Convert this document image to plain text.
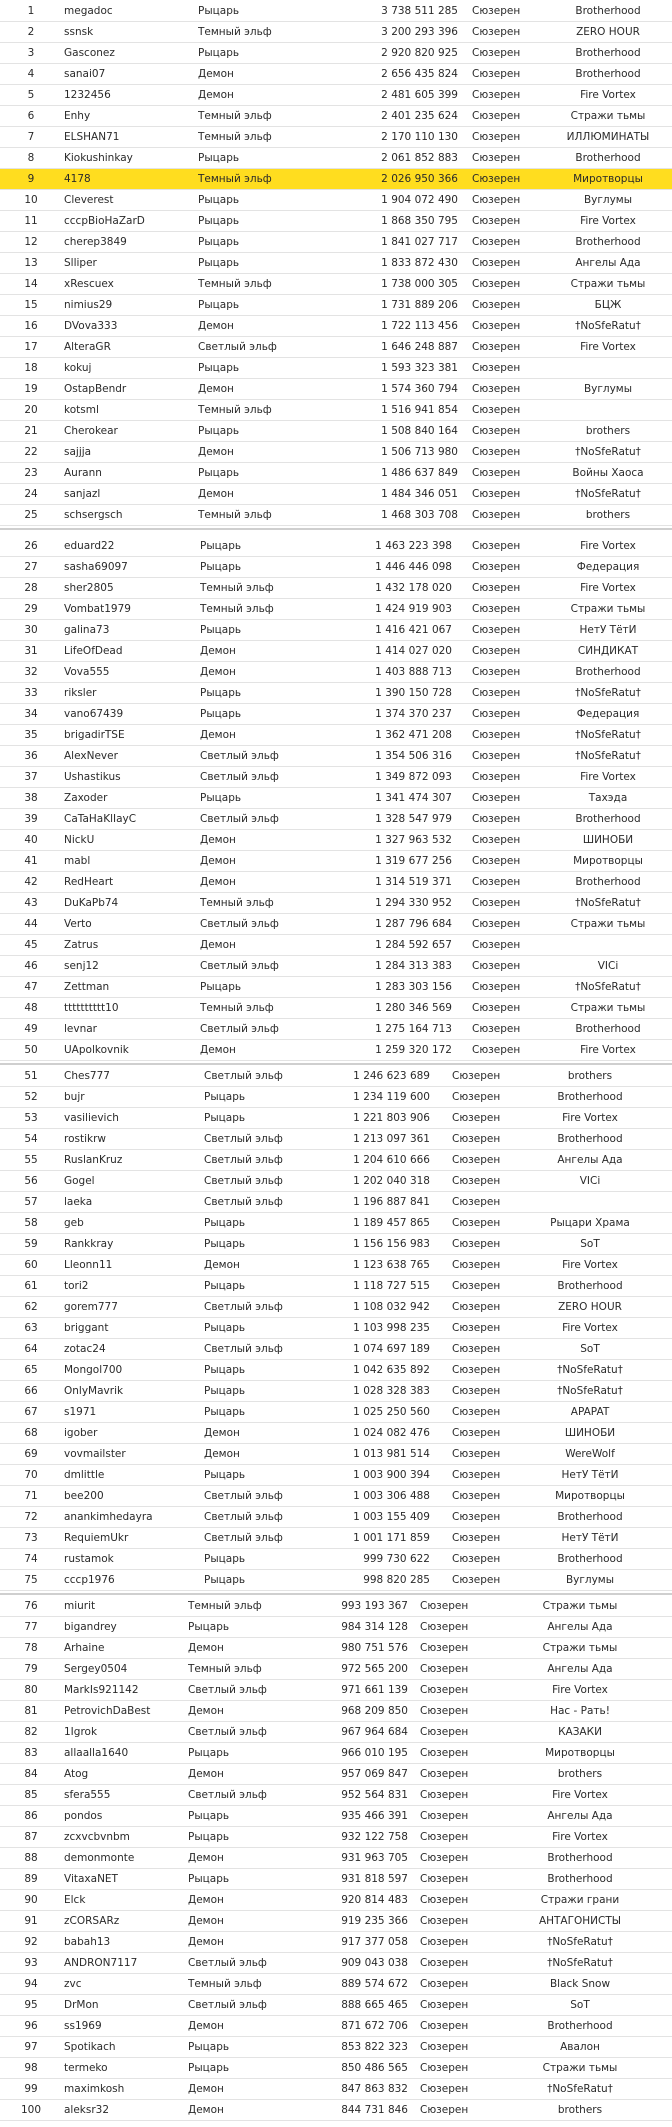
1	megadoc	Рыцарь	3 738 511 285 Сюзерен	Brotherhood
2	ssnsk	Темный эльф	3 200 293 396 Сюзерен	ZERO HOUR
3	Gasconez	Рыцарь	2 920 820 925 Сюзерен	Brotherhood
4	sanai07	Демон	2 656 435 824 Сюзерен	Brotherhood
5	1232456	Демон	2 481 605 399 Сюзерен	Fire Vortex
6	Enhy	Темный эльф	2 401 235 624 Сюзерен	Стражи тьмы
7	ELSHAN71	Темный эльф	2 170 110 130 Сюзерен	ИЛЛЮМИНАТЫ
8	Kiokushinkay	Рыцарь	2 061 852 883 Сюзерен	Brotherhood
9	4178	Темный эльф	2 026 950 366 Сюзерен	Миротворцы
10	Cleverest	Рыцарь	1 904 072 490 Сюзерен	Вуглумы
11	cccpBioHaZarD	Рыцарь	1 868 350 795 Сюзерен	Fire Vortex
12	cherep3849	Рыцарь	1 841 027 717 Сюзерен	Brotherhood
13	Slliper	Рыцарь	1 833 872 430 Сюзерен	Ангелы Ада
14	xRescuex	Темный эльф	1 738 000 305 Сюзерен	Стражи тьмы
15	nimius29	Рыцарь	1 731 889 206 Сюзерен	БЦЖ
16	DVova333	Демон	1 722 113 456 Сюзерен	†NoSfeRatu†
17	AlteraGR	Светлый эльф	1 646 248 887 Сюзерен	Fire Vortex
18	kokuj	Рыцарь	1 593 323 381 Сюзерен
19	OstapBendr	Демон	1 574 360 794 Сюзерен	Вуглумы
20	kotsml	Темный эльф	1 516 941 854 Сюзерен
21	Cherokear	Рыцарь	1 508 840 164 Сюзерен	brothers
22	sajjja	Демон	1 506 713 980 Сюзерен	†NoSfeRatu†
23	Aurann	Рыцарь	1 486 637 849 Сюзерен	Войны Хаоса
24	sanjazl	Демон	1 484 346 051 Сюзерен	†NoSfeRatu†
25	schsergsch	Темный эльф	1 468 303 708 Сюзерен	brothers
26	eduard22	Рыцарь	1 463 223 398 Сюзерен	Fire Vortex
27	sasha69097	Рыцарь	1 446 446 098 Сюзерен	Федерация
28	sher2805	Темный эльф	1 432 178 020 Сюзерен	Fire Vortex
29	Vombat1979	Темный эльф	1 424 919 903 Сюзерен	Стражи тьмы
30	galina73	Рыцарь	1 416 421 067 Сюзерен	НетУ ТётИ
31	LifeOfDead	Демон	1 414 027 020 Сюзерен	СИНДИКАТ
32	Vova555	Демон	1 403 888 713 Сюзерен	Brotherhood
33	riksler	Рыцарь	1 390 150 728 Сюзерен	†NoSfeRatu†
34	vano67439	Рыцарь	1 374 370 237 Сюзерен	Федерация
35	brigadirTSE	Демон	1 362 471 208 Сюзерен	†NoSfeRatu†
36	AlexNever	Светлый эльф	1 354 506 316 Сюзерен	†NoSfeRatu†
37	Ushastikus	Светлый эльф	1 349 872 093 Сюзерен	Fire Vortex
38	Zaxoder	Рыцарь	1 341 474 307 Сюзерен	Тахэда
39	CaTaHaKlIayC	Светлый эльф	1 328 547 979 Сюзерен	Brotherhood
40	NickU	Демон	1 327 963 532 Сюзерен	ШИНОБИ
41	mabl	Демон	1 319 677 256 Сюзерен	Миротворцы
42	RedHeart	Демон	1 314 519 371 Сюзерен	Brotherhood
43	DuKaPb74	Темный эльф	1 294 330 952 Сюзерен	†NoSfeRatu†
44	Verto	Светлый эльф	1 287 796 684 Сюзерен	Стражи тьмы
45	Zatrus	Демон	1 284 592 657 Сюзерен
46	senj12	Светлый эльф	1 284 313 383 Сюзерен	VICi
47	Zettman	Рыцарь	1 283 303 156 Сюзерен	†NoSfeRatu†
48	tttttttttt10	Темный эльф	1 280 346 569 Сюзерен	Стражи тьмы
49	levnar	Светлый эльф	1 275 164 713 Сюзерен	Brotherhood
50	UApolkovnik	Демон	1 259 320 172 Сюзерен	Fire Vortex
51	Ches777	Светлый эльф	1 246 623 689 Сюзерен	brothers
52	bujr	Рыцарь	1 234 119 600 Сюзерен	Brotherhood
53	vasilievich	Рыцарь	1 221 803 906 Сюзерен	Fire Vortex
54	rostikrw	Светлый эльф	1 213 097 361 Сюзерен	Brotherhood
55	RuslanKruz	Светлый эльф	1 204 610 666 Сюзерен	Ангелы Ада
56	Gogel	Светлый эльф	1 202 040 318 Сюзерен	VICi
57	laeka	Светлый эльф	1 196 887 841 Сюзерен
58	geb	Рыцарь	1 189 457 865 Сюзерен	Рыцари Храма
59	Rankkray	Рыцарь	1 156 156 983 Сюзерен	SoT
60	Lleonn11	Демон	1 123 638 765 Сюзерен	Fire Vortex
61	tori2	Рыцарь	1 118 727 515 Сюзерен	Brotherhood
62	gorem777	Светлый эльф	1 108 032 942 Сюзерен	ZERO HOUR
63	briggant	Рыцарь	1 103 998 235 Сюзерен	Fire Vortex
64	zotac24	Светлый эльф	1 074 697 189 Сюзерен	SoT
65	Mongol700	Рыцарь	1 042 635 892 Сюзерен	†NoSfeRatu†
66	OnlyMavrik	Рыцарь	1 028 328 383 Сюзерен	†NoSfeRatu†
67	s1971	Рыцарь	1 025 250 560 Сюзерен	APAPAT
68	igober	Демон	1 024 082 476 Сюзерен	ШИНОБИ
69	vovmailster	Демон	1 013 981 514 Сюзерен	WereWolf
70	dmlittle	Рыцарь	1 003 900 394 Сюзерен	НетУ ТётИ
71	bee200	Светлый эльф	1 003 306 488 Сюзерен	Миротворцы
72	anankimhedayra	Светлый эльф	1 003 155 409 Сюзерен	Brotherhood
73	RequiemUkr	Светлый эльф	1 001 171 859 Сюзерен	НетУ ТётИ
74	rustamok	Рыцарь	999 730 622 Сюзерен	Brotherhood
75	cccp1976	Рыцарь	998 820 285 Сюзерен	Вуглумы
76	miurit	Темный эльф	993 193 367 Сюзерен	Стражи тьмы
77	bigandrey	Рыцарь	984 314 128 Сюзерен	Ангелы Ада
78	Arhaine	Демон	980 751 576 Сюзерен	Стражи тьмы
79	Sergey0504	Темный эльф	972 565 200 Сюзерен	Ангелы Ада
80	MarkIs921142	Светлый эльф	971 661 139 Сюзерен	Fire Vortex
81	PetrovichDaBest	Демон	968 209 850 Сюзерен	Нас - Рать!
82	1Igrok	Светлый эльф	967 964 684 Сюзерен	КАЗАКИ
83	allaalla1640	Рыцарь	966 010 195 Сюзерен	Миротворцы
84	Atog	Демон	957 069 847 Сюзерен	brothers
85	sfera555	Светлый эльф	952 564 831 Сюзерен	Fire Vortex
86	pondos	Рыцарь	935 466 391 Сюзерен	Ангелы Ада
87	zcxvcbvnbm	Рыцарь	932 122 758 Сюзерен	Fire Vortex
88	demonmonte	Демон	931 963 705 Сюзерен	Brotherhood
89	VitaxaNET	Рыцарь	931 818 597 Сюзерен	Brotherhood
90	Elck	Демон	920 814 483 Сюзерен	Стражи грани
91	zCORSARz	Демон	919 235 366 Сюзерен	АНТАГОНИСТЫ
92	babah13	Демон	917 377 058 Сюзерен	†NoSfeRatu†
93	ANDRON7117	Светлый эльф	909 043 038 Сюзерен	†NoSfeRatu†
94	zvc	Темный эльф	889 574 672 Сюзерен	Black Snow
95	DrMon	Светлый эльф	888 665 465 Сюзерен	SoT
96	ss1969	Демон	871 672 706 Сюзерен	Brotherhood
97	Spotikach	Рыцарь	853 822 323 Сюзерен	Авалон
98	termeko	Рыцарь	850 486 565 Сюзерен	Стражи тьмы
99	maximkosh	Демон	847 863 832 Сюзерен	†NoSfeRatu†
100	aleksr32	Демон	844 731 846 Сюзерен	brothers
